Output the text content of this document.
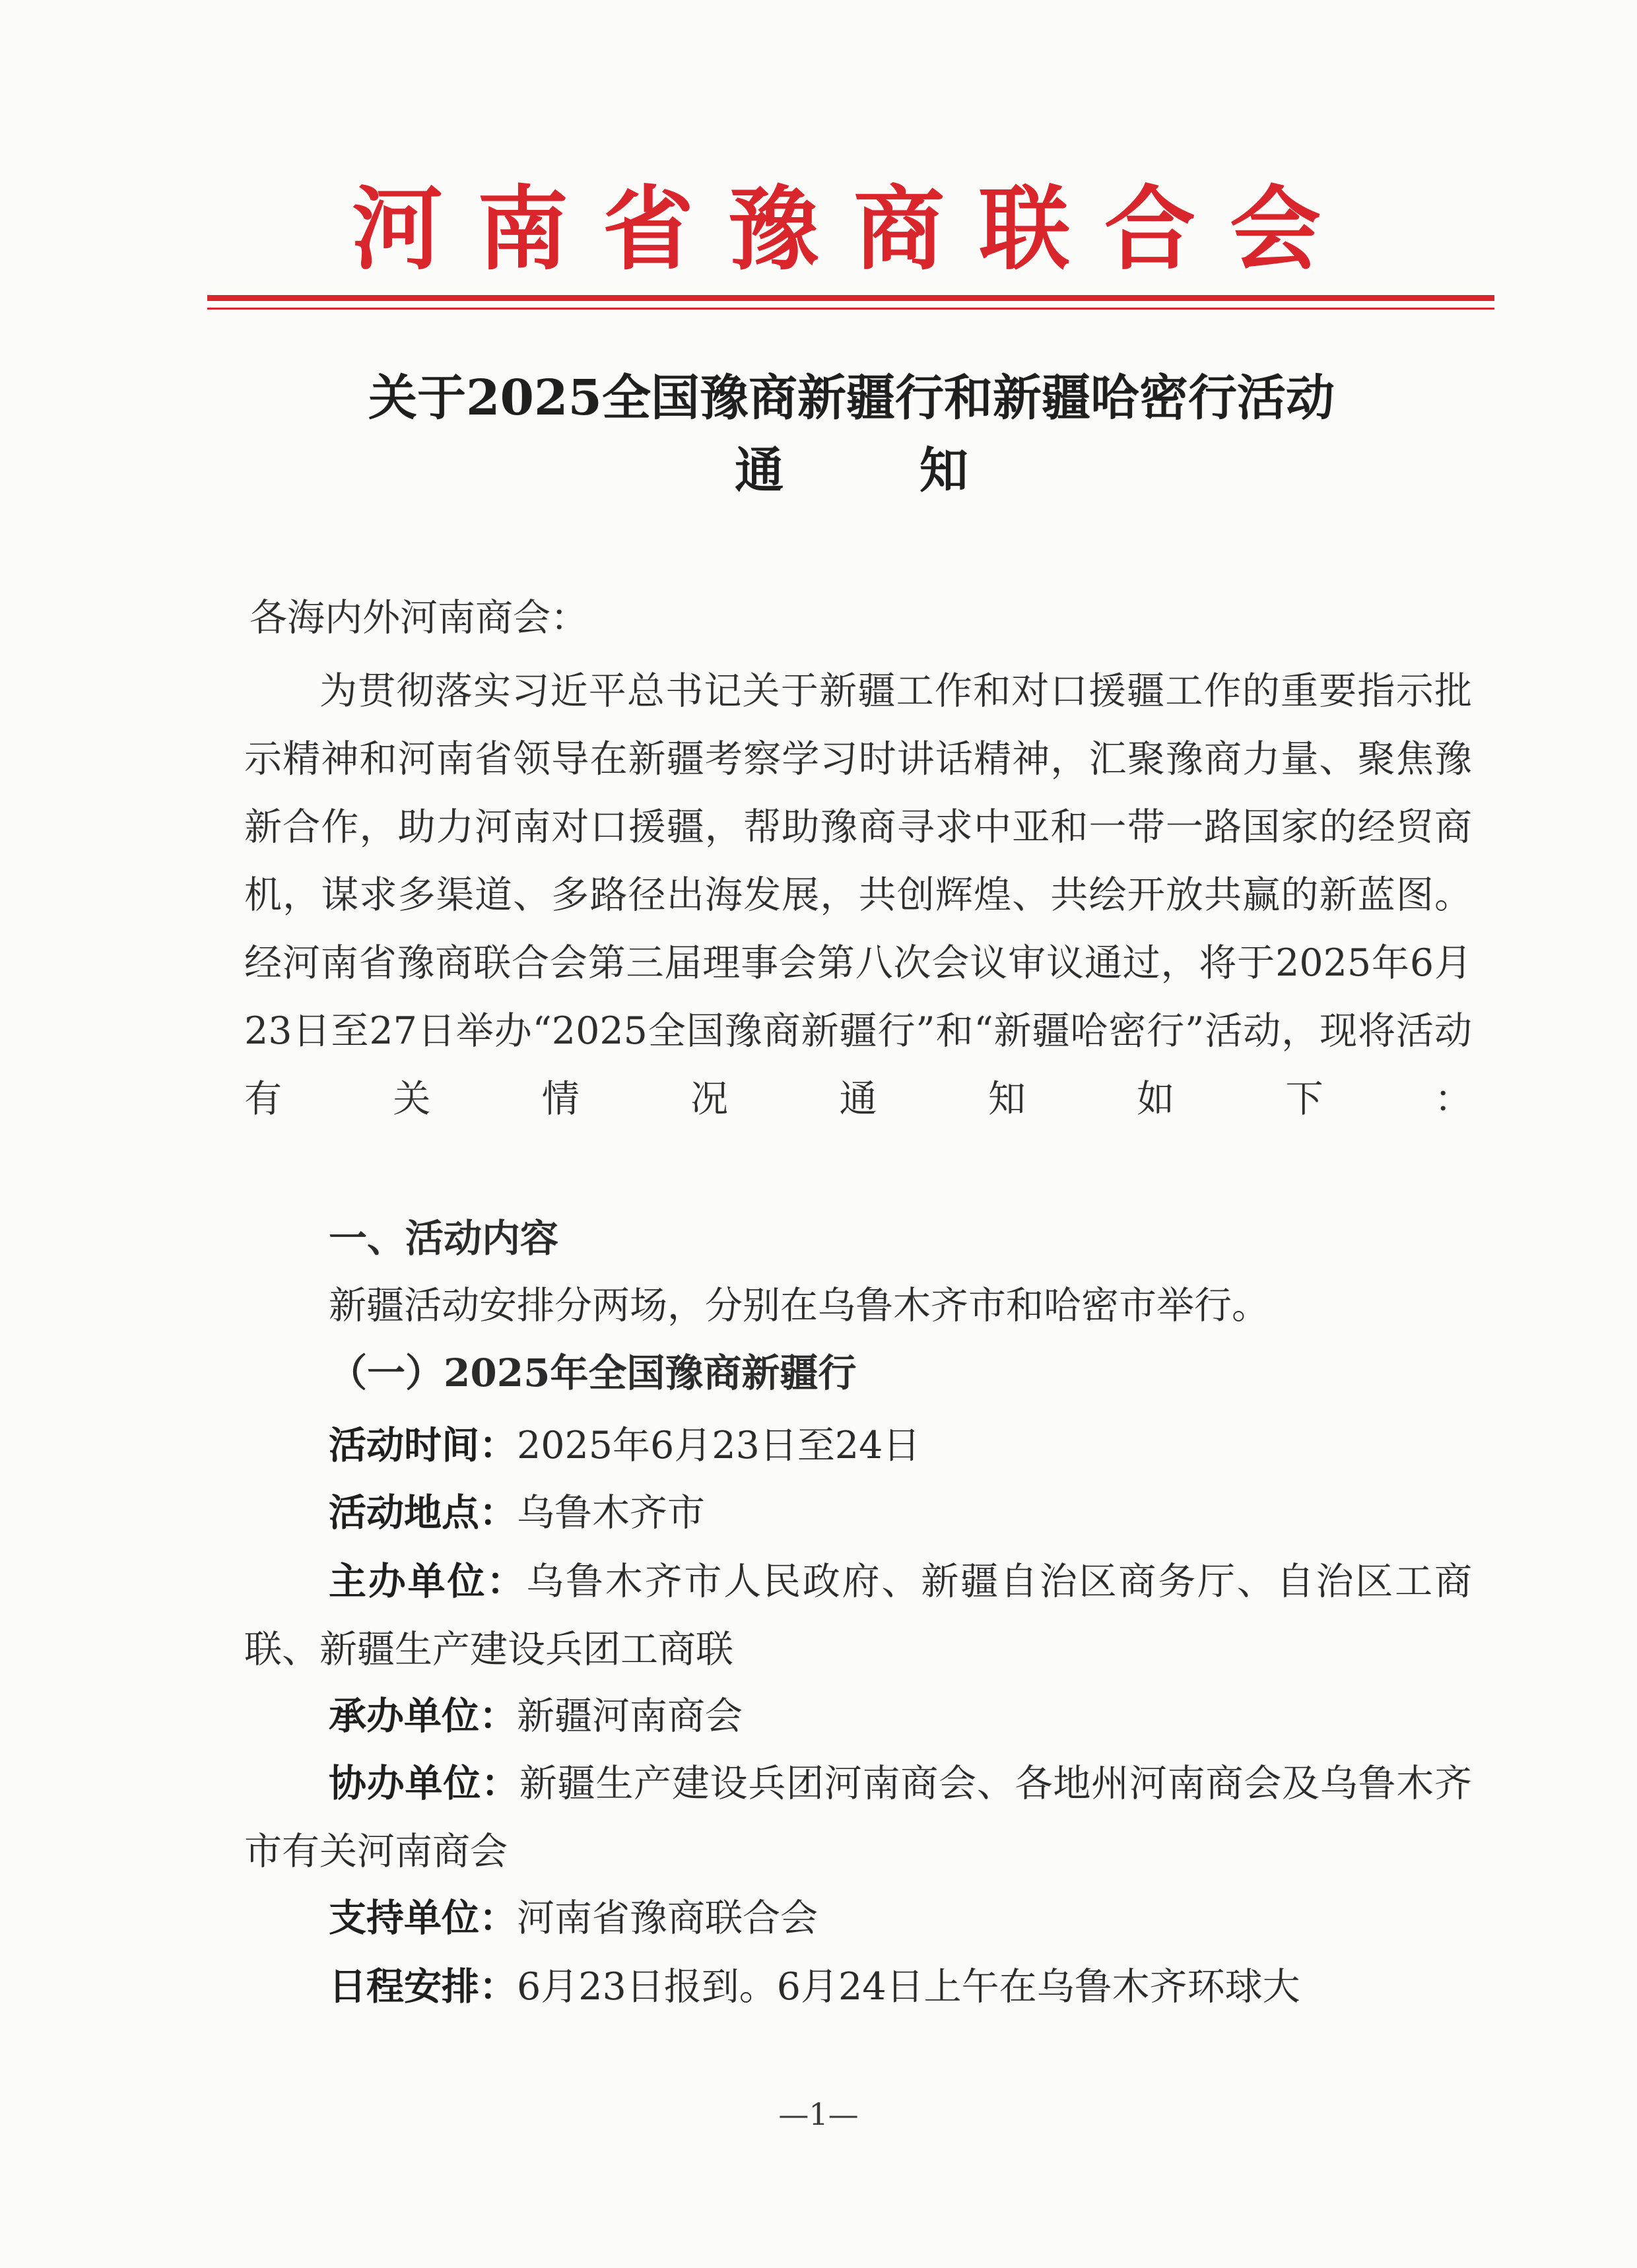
河南省豫商联合会
关于2025全国豫商新疆行和新疆哈密行活动
通 知
各海内外河南商会：
为贯彻落实习近平总书记关于新疆工作和对口援疆工作的重要指示批示精神和河南省领导在新疆考察学习时讲话精神，汇聚豫商力量、聚焦豫新合作，助力河南对口援疆，帮助豫商寻求中亚和一带一路国家的经贸商机，谋求多渠道、多路径出海发展，共创辉煌、共绘开放共赢的新蓝图。经河南省豫商联合会第三届理事会第八次会议审议通过，将于2025年6月23日至27日举办“2025全国豫商新疆行”和“新疆哈密行”活动，现将活动有关情况通知如下：
一、活动内容
新疆活动安排分两场，分别在乌鲁木齐市和哈密市举行。
（一）2025年全国豫商新疆行
活动时间：2025年6月23日至24日
活动地点：乌鲁木齐市
主办单位：乌鲁木齐市人民政府、新疆自治区商务厅、自治区工商联、新疆生产建设兵团工商联
承办单位：新疆河南商会
协办单位：新疆生产建设兵团河南商会、各地州河南商会及乌鲁木齐市有关河南商会
支持单位：河南省豫商联合会
日程安排：6月23日报到。6月24日上午在乌鲁木齐环球大
—1—
